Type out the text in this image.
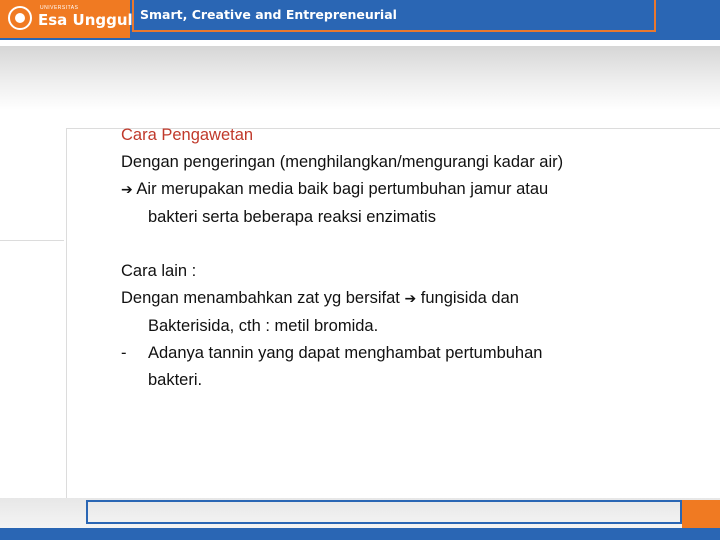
UNIVERSITAS
Esa Unggul Smart, Creative and Entrepreneurial

Cara Pengawetan

Dengan pengeringan (menghilangkan/mengurangi kadar air)

➔ Air merupakan media baik bagi pertumbuhan jamur atau

bakteri serta beberapa reaksi enzimatis

Cara lain :

Dengan menambahkan zat yg bersifat ➔ fungisida dan

Bakterisida, cth : metil bromida.

- Adanya tannin yang dapat menghambat pertumbuhan

bakteri.
